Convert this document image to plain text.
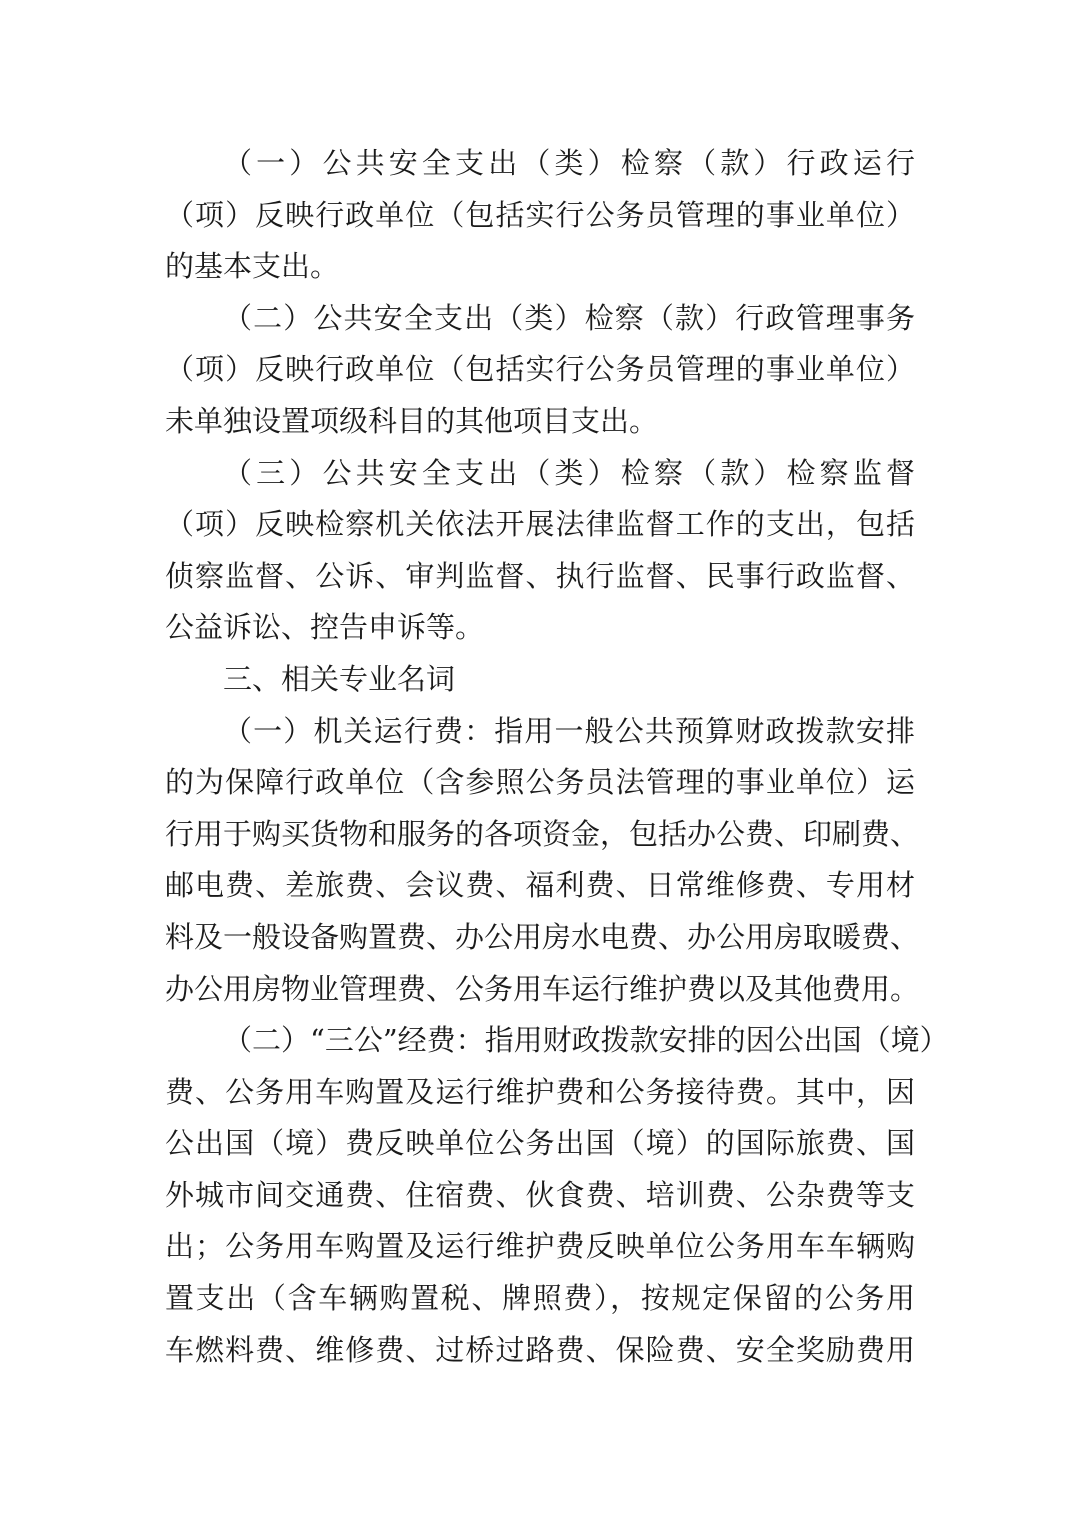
（一）公共安全支出（类）检察（款）行政运行
（项）反映行政单位（包括实行公务员管理的事业单位）
的基本支出。
（二）公共安全支出（类）检察（款）行政管理事务
（项）反映行政单位（包括实行公务员管理的事业单位）
未单独设置项级科目的其他项目支出。
（三）公共安全支出（类）检察（款）检察监督
（项）反映检察机关依法开展法律监督工作的支出，包括
侦察监督、公诉、审判监督、执行监督、民事行政监督、
公益诉讼、控告申诉等。
三、相关专业名词
（一）机关运行费：指用一般公共预算财政拨款安排
的为保障行政单位（含参照公务员法管理的事业单位）运
行用于购买货物和服务的各项资金，包括办公费、印刷费、
邮电费、差旅费、会议费、福利费、日常维修费、专用材
料及一般设备购置费、办公用房水电费、办公用房取暖费、
办公用房物业管理费、公务用车运行维护费以及其他费用。
（二）“三公”经费：指用财政拨款安排的因公出国（境）
费、公务用车购置及运行维护费和公务接待费。其中，因
公出国（境）费反映单位公务出国（境）的国际旅费、国
外城市间交通费、住宿费、伙食费、培训费、公杂费等支
出；公务用车购置及运行维护费反映单位公务用车车辆购
置支出（含车辆购置税、牌照费），按规定保留的公务用
车燃料费、维修费、过桥过路费、保险费、安全奖励费用
